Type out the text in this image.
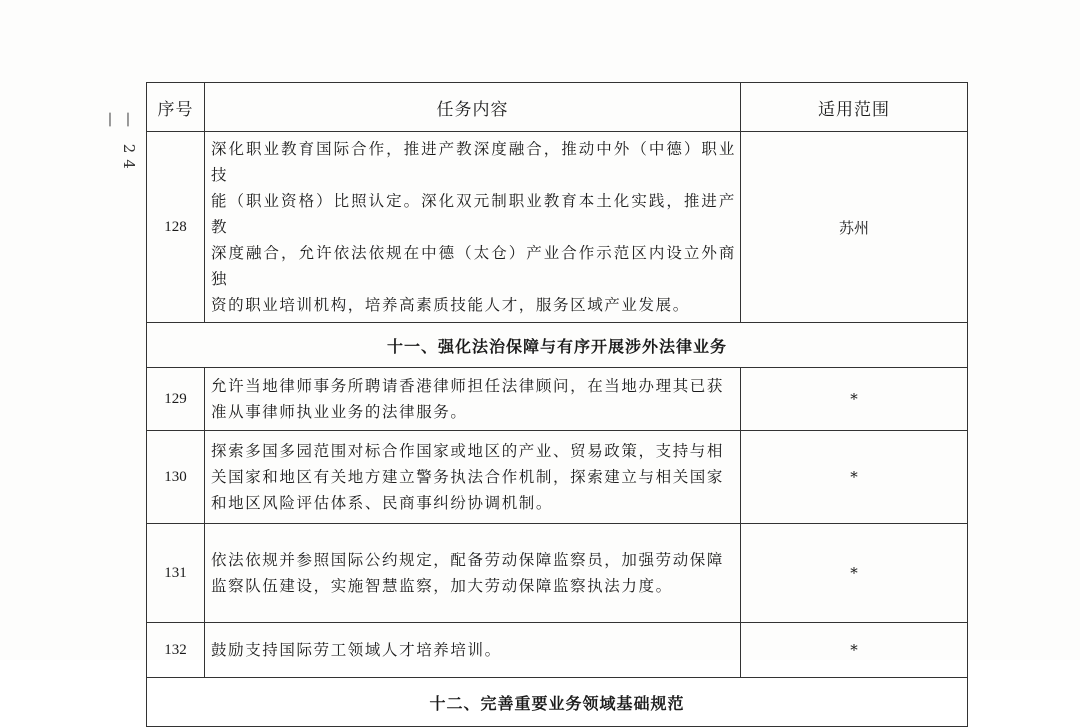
— 24 —
序号	任务内容	适用范围
128	深化职业教育国际合作，推进产教深度融合，推动中外（中德）职业技
能（职业资格）比照认定。深化双元制职业教育本土化实践，推进产教
深度融合，允许依法依规在中德（太仓）产业合作示范区内设立外商独
资的职业培训机构，培养高素质技能人才，服务区域产业发展。	苏州
十一、强化法治保障与有序开展涉外法律业务		
129	允许当地律师事务所聘请香港律师担任法律顾问，在当地办理其已获
准从事律师执业业务的法律服务。	*
130	探索多国多园范围对标合作国家或地区的产业、贸易政策，支持与相
关国家和地区有关地方建立警务执法合作机制，探索建立与相关国家
和地区风险评估体系、民商事纠纷协调机制。	*
131	依法依规并参照国际公约规定，配备劳动保障监察员，加强劳动保障
监察队伍建设，实施智慧监察，加大劳动保障监察执法力度。	*
132	鼓励支持国际劳工领域人才培养培训。	*
十二、完善重要业务领域基础规范		
